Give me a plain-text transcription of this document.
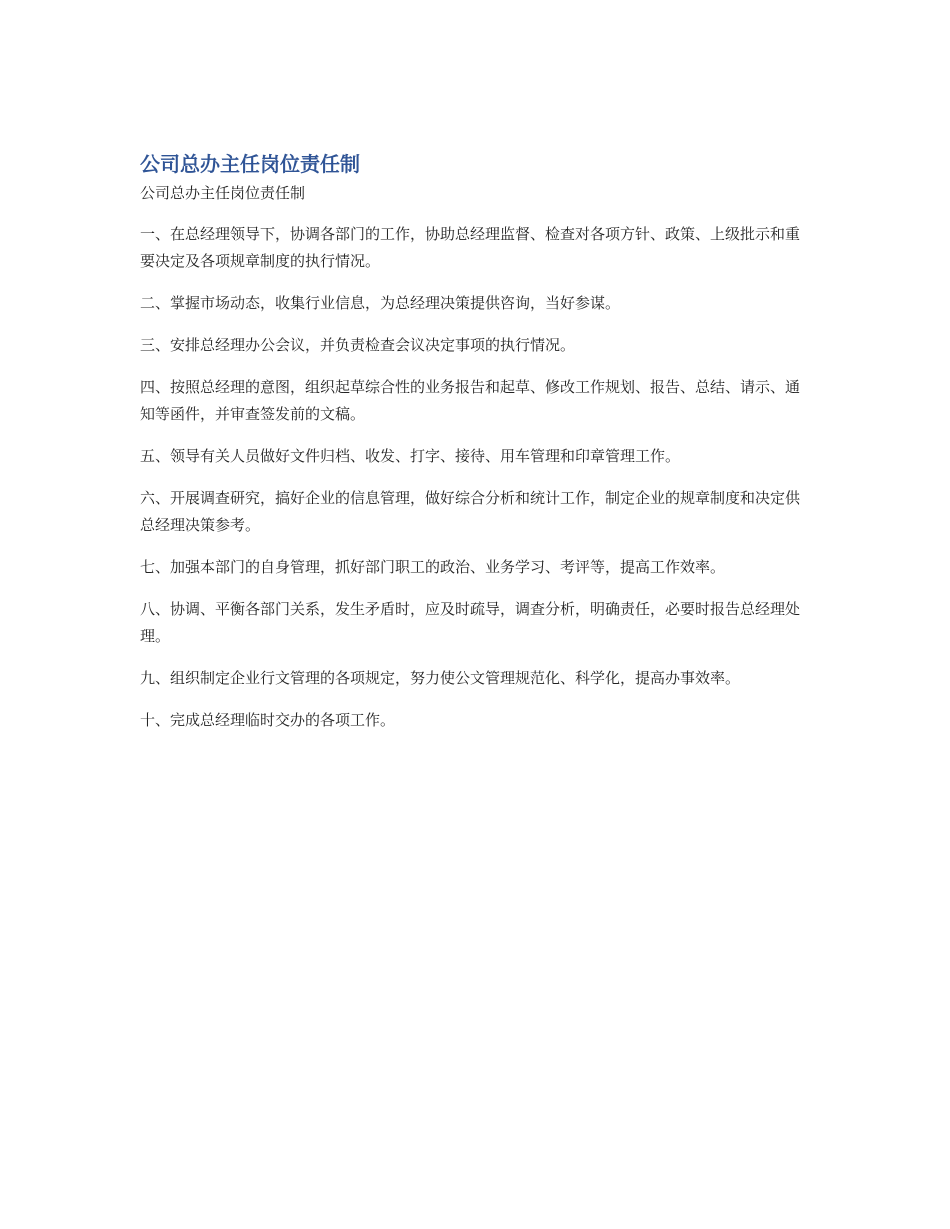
公司总办主任岗位责任制

公司总办主任岗位责任制

一、在总经理领导下，协调各部门的工作，协助总经理监督、检查对各项方针、政策、上级批示和重要决定及各项规章制度的执行情况。

二、掌握市场动态，收集行业信息，为总经理决策提供咨询，当好参谋。

三、安排总经理办公会议，并负责检查会议决定事项的执行情况。

四、按照总经理的意图，组织起草综合性的业务报告和起草、修改工作规划、报告、总结、请示、通知等函件，并审查签发前的文稿。

五、领导有关人员做好文件归档、收发、打字、接待、用车管理和印章管理工作。

六、开展调查研究，搞好企业的信息管理，做好综合分析和统计工作，制定企业的规章制度和决定供总经理决策参考。

七、加强本部门的自身管理，抓好部门职工的政治、业务学习、考评等，提高工作效率。

八、协调、平衡各部门关系，发生矛盾时，应及时疏导，调查分析，明确责任，必要时报告总经理处理。

九、组织制定企业行文管理的各项规定，努力使公文管理规范化、科学化，提高办事效率。

十、完成总经理临时交办的各项工作。
